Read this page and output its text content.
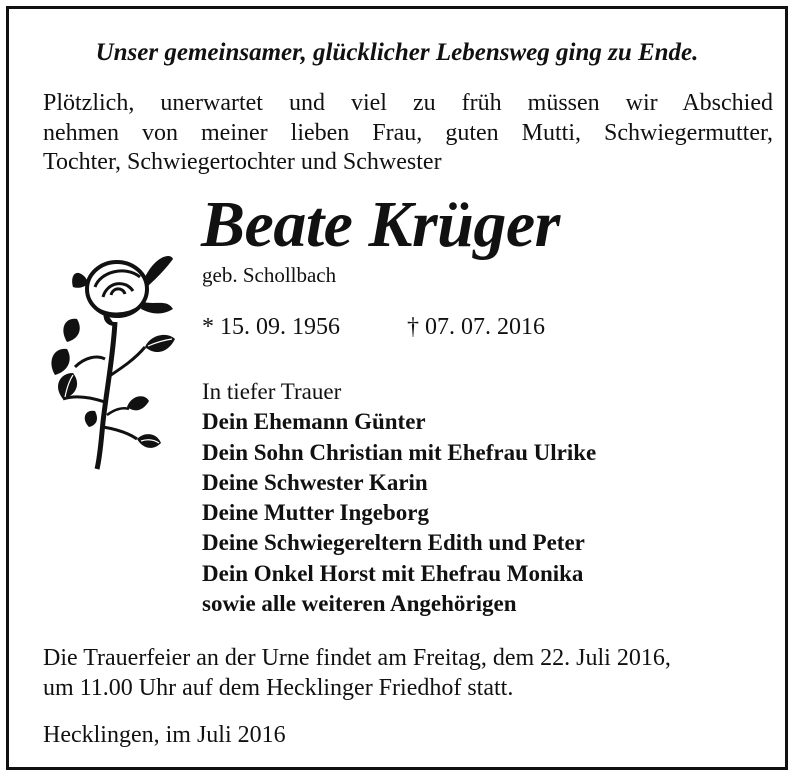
Unser gemeinsamer, glücklicher Lebensweg ging zu Ende.
Plötzlich, unerwartet und viel zu früh müssen wir Abschied
nehmen von meiner lieben Frau, guten Mutti, Schwiegermutter,
Tochter, Schwiegertochter und Schwester
Beate Krüger
geb. Schollbach
* 15. 09. 1956	† 07. 07. 2016
In tiefer Trauer
Dein Ehemann Günter
Dein Sohn Christian mit Ehefrau Ulrike
Deine Schwester Karin
Deine Mutter Ingeborg
Deine Schwiegereltern Edith und Peter
Dein Onkel Horst mit Ehefrau Monika
sowie alle weiteren Angehörigen
Die Trauerfeier an der Urne findet am Freitag, dem 22. Juli 2016,
um 11.00 Uhr auf dem Hecklinger Friedhof statt.
Hecklingen, im Juli 2016
